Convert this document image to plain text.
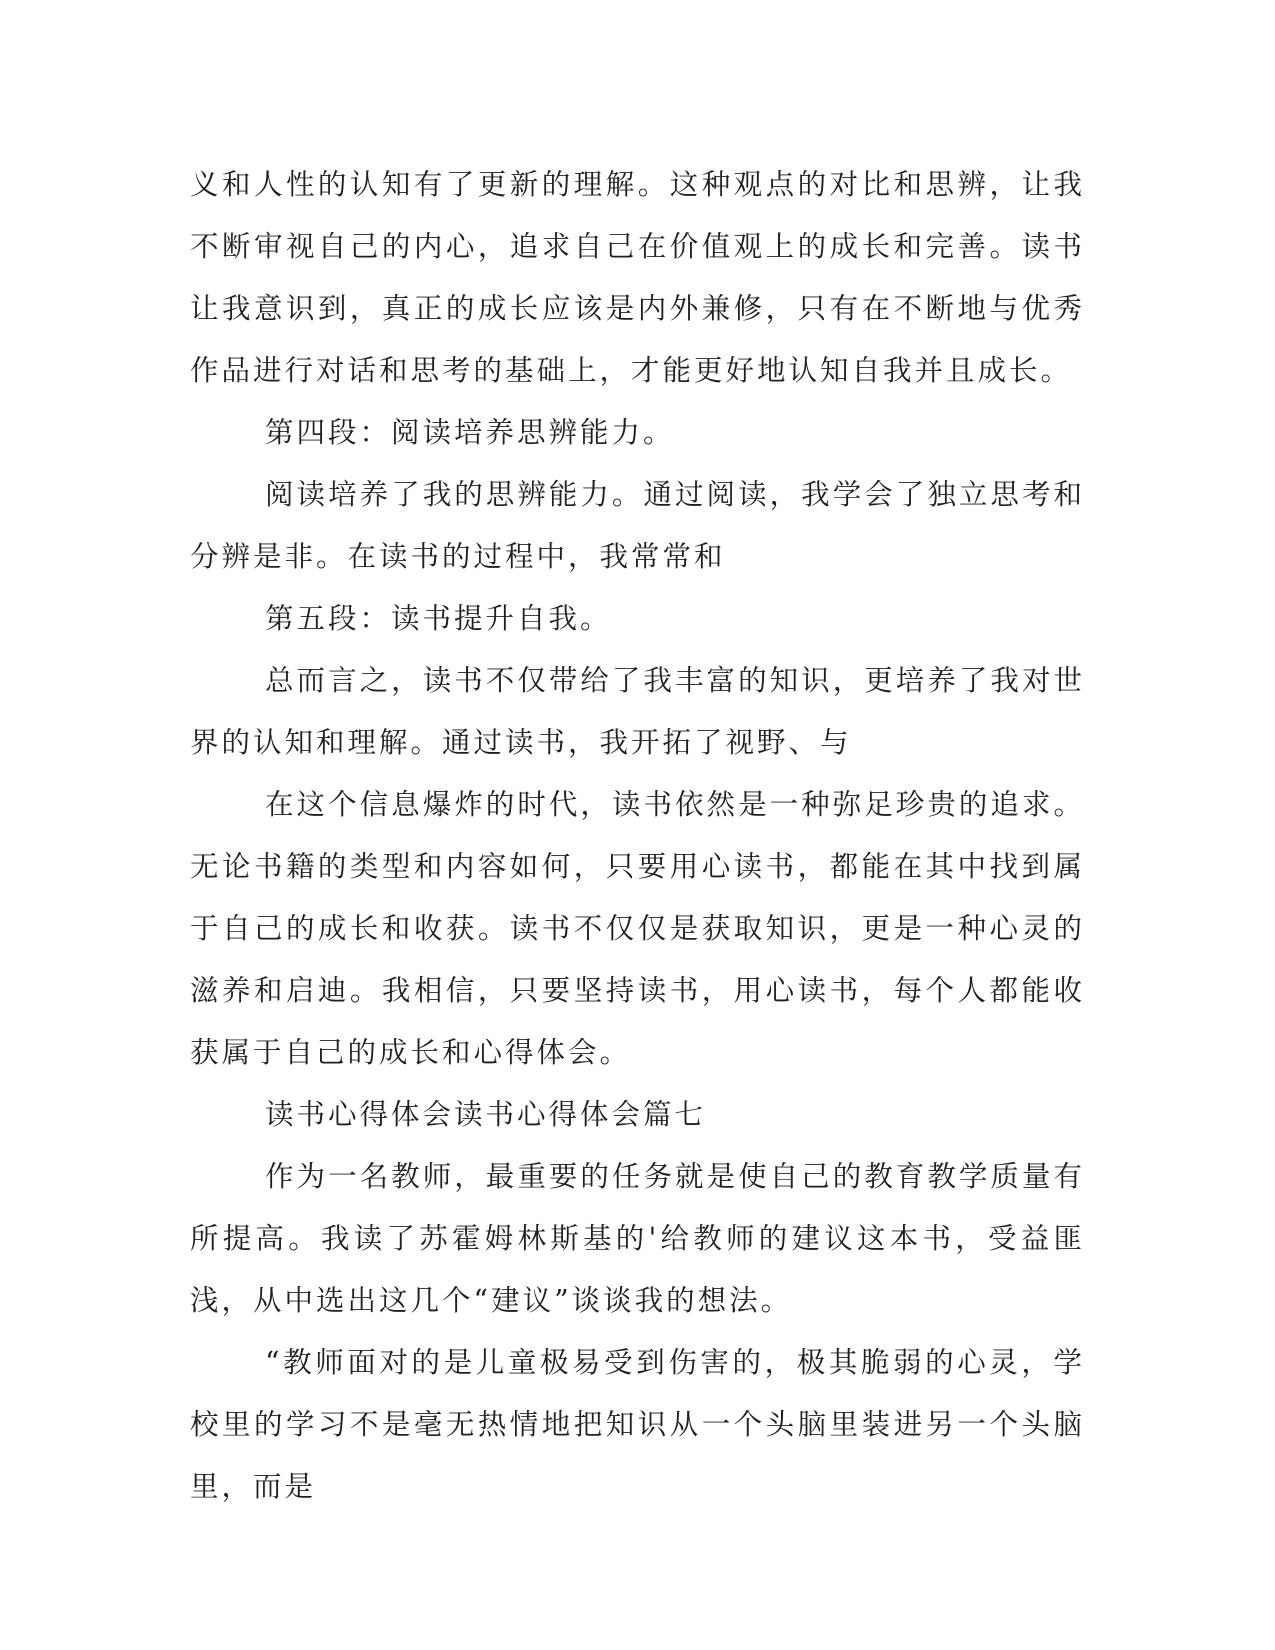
义和人性的认知有了更新的理解。这种观点的对比和思辨，让我不断审视自己的内心，追求自己在价值观上的成长和完善。读书让我意识到，真正的成长应该是内外兼修，只有在不断地与优秀作品进行对话和思考的基础上，才能更好地认知自我并且成长。

第四段：阅读培养思辨能力。

阅读培养了我的思辨能力。通过阅读，我学会了独立思考和分辨是非。在读书的过程中，我常常和

第五段：读书提升自我。

总而言之，读书不仅带给了我丰富的知识，更培养了我对世界的认知和理解。通过读书，我开拓了视野、与

在这个信息爆炸的时代，读书依然是一种弥足珍贵的追求。无论书籍的类型和内容如何，只要用心读书，都能在其中找到属于自己的成长和收获。读书不仅仅是获取知识，更是一种心灵的滋养和启迪。我相信，只要坚持读书，用心读书，每个人都能收获属于自己的成长和心得体会。

读书心得体会读书心得体会篇七

作为一名教师，最重要的任务就是使自己的教育教学质量有所提高。我读了苏霍姆林斯基的'给教师的建议这本书，受益匪浅，从中选出这几个“建议”谈谈我的想法。

“教师面对的是儿童极易受到伤害的，极其脆弱的心灵，学校里的学习不是毫无热情地把知识从一个头脑里装进另一个头脑里，而是
